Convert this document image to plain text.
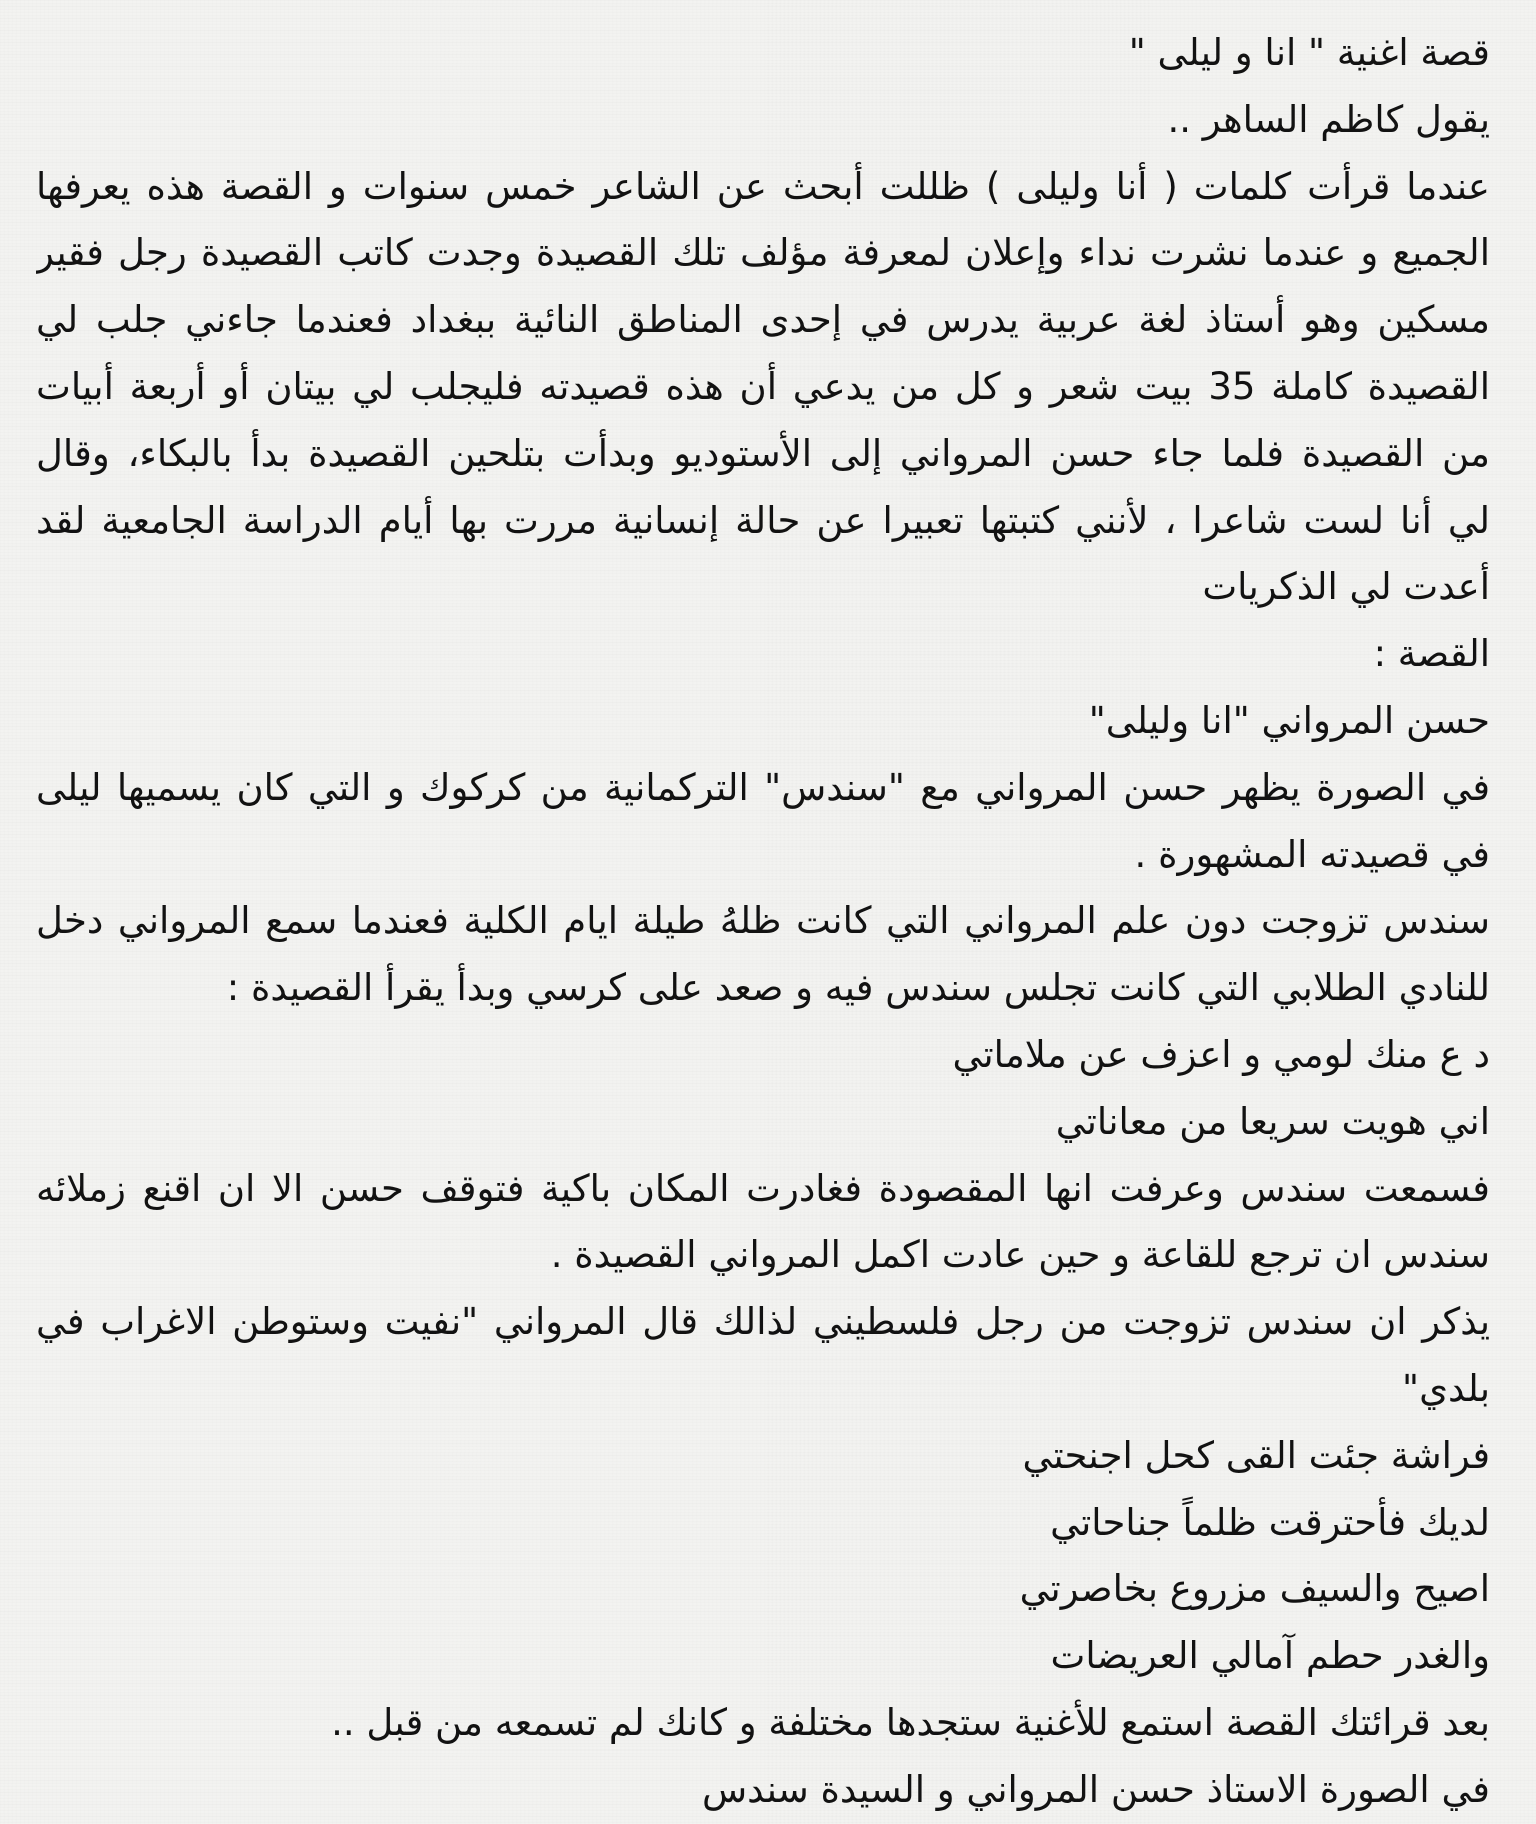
قصة اغنية " انا و ليلى "
يقول كاظم الساهر ..
عندما قرأت كلمات ( أنا وليلى ) ظللت أبحث عن الشاعر خمس سنوات و القصة هذه يعرفها
الجميع و عندما نشرت نداء وإعلان لمعرفة مؤلف تلك القصيدة وجدت كاتب القصيدة رجل فقير
مسكين وهو أستاذ لغة عربية يدرس في إحدى المناطق النائية ببغداد فعندما جاءني جلب لي
القصيدة كاملة 35 بيت شعر و كل من يدعي أن هذه قصيدته فليجلب لي بيتان أو أربعة أبيات
من القصيدة فلما جاء حسن المرواني إلى الأستوديو وبدأت بتلحين القصيدة بدأ بالبكاء، وقال
لي أنا لست شاعرا ، لأنني كتبتها تعبيرا عن حالة إنسانية مررت بها أيام الدراسة الجامعية لقد
أعدت لي الذكريات
القصة :
حسن المرواني "انا وليلى"
في الصورة يظهر حسن المرواني مع "سندس" التركمانية من كركوك و التي كان يسميها ليلى
في قصيدته المشهورة .
سندس تزوجت دون علم المرواني التي كانت ظلهُ طيلة ايام الكلية فعندما سمع المرواني دخل
للنادي الطلابي التي كانت تجلس سندس فيه و صعد على كرسي وبدأ يقرأ القصيدة :
د ع منك لومي و اعزف عن ملاماتي
اني هويت سريعا من معاناتي
فسمعت سندس وعرفت انها المقصودة فغادرت المكان باكية فتوقف حسن الا ان اقنع زملائه
سندس ان ترجع للقاعة و حين عادت اكمل المرواني القصيدة .
يذكر ان سندس تزوجت من رجل فلسطيني لذالك قال المرواني "نفيت وستوطن الاغراب في
بلدي"
فراشة جئت القى كحل اجنحتي
لديك فأحترقت ظلماً جناحاتي
اصيح والسيف مزروع بخاصرتي
والغدر حطم آمالي العريضات
بعد قرائتك القصة استمع للأغنية ستجدها مختلفة و كانك لم تسمعه من قبل ..
في الصورة الاستاذ حسن المرواني و السيدة سندس
